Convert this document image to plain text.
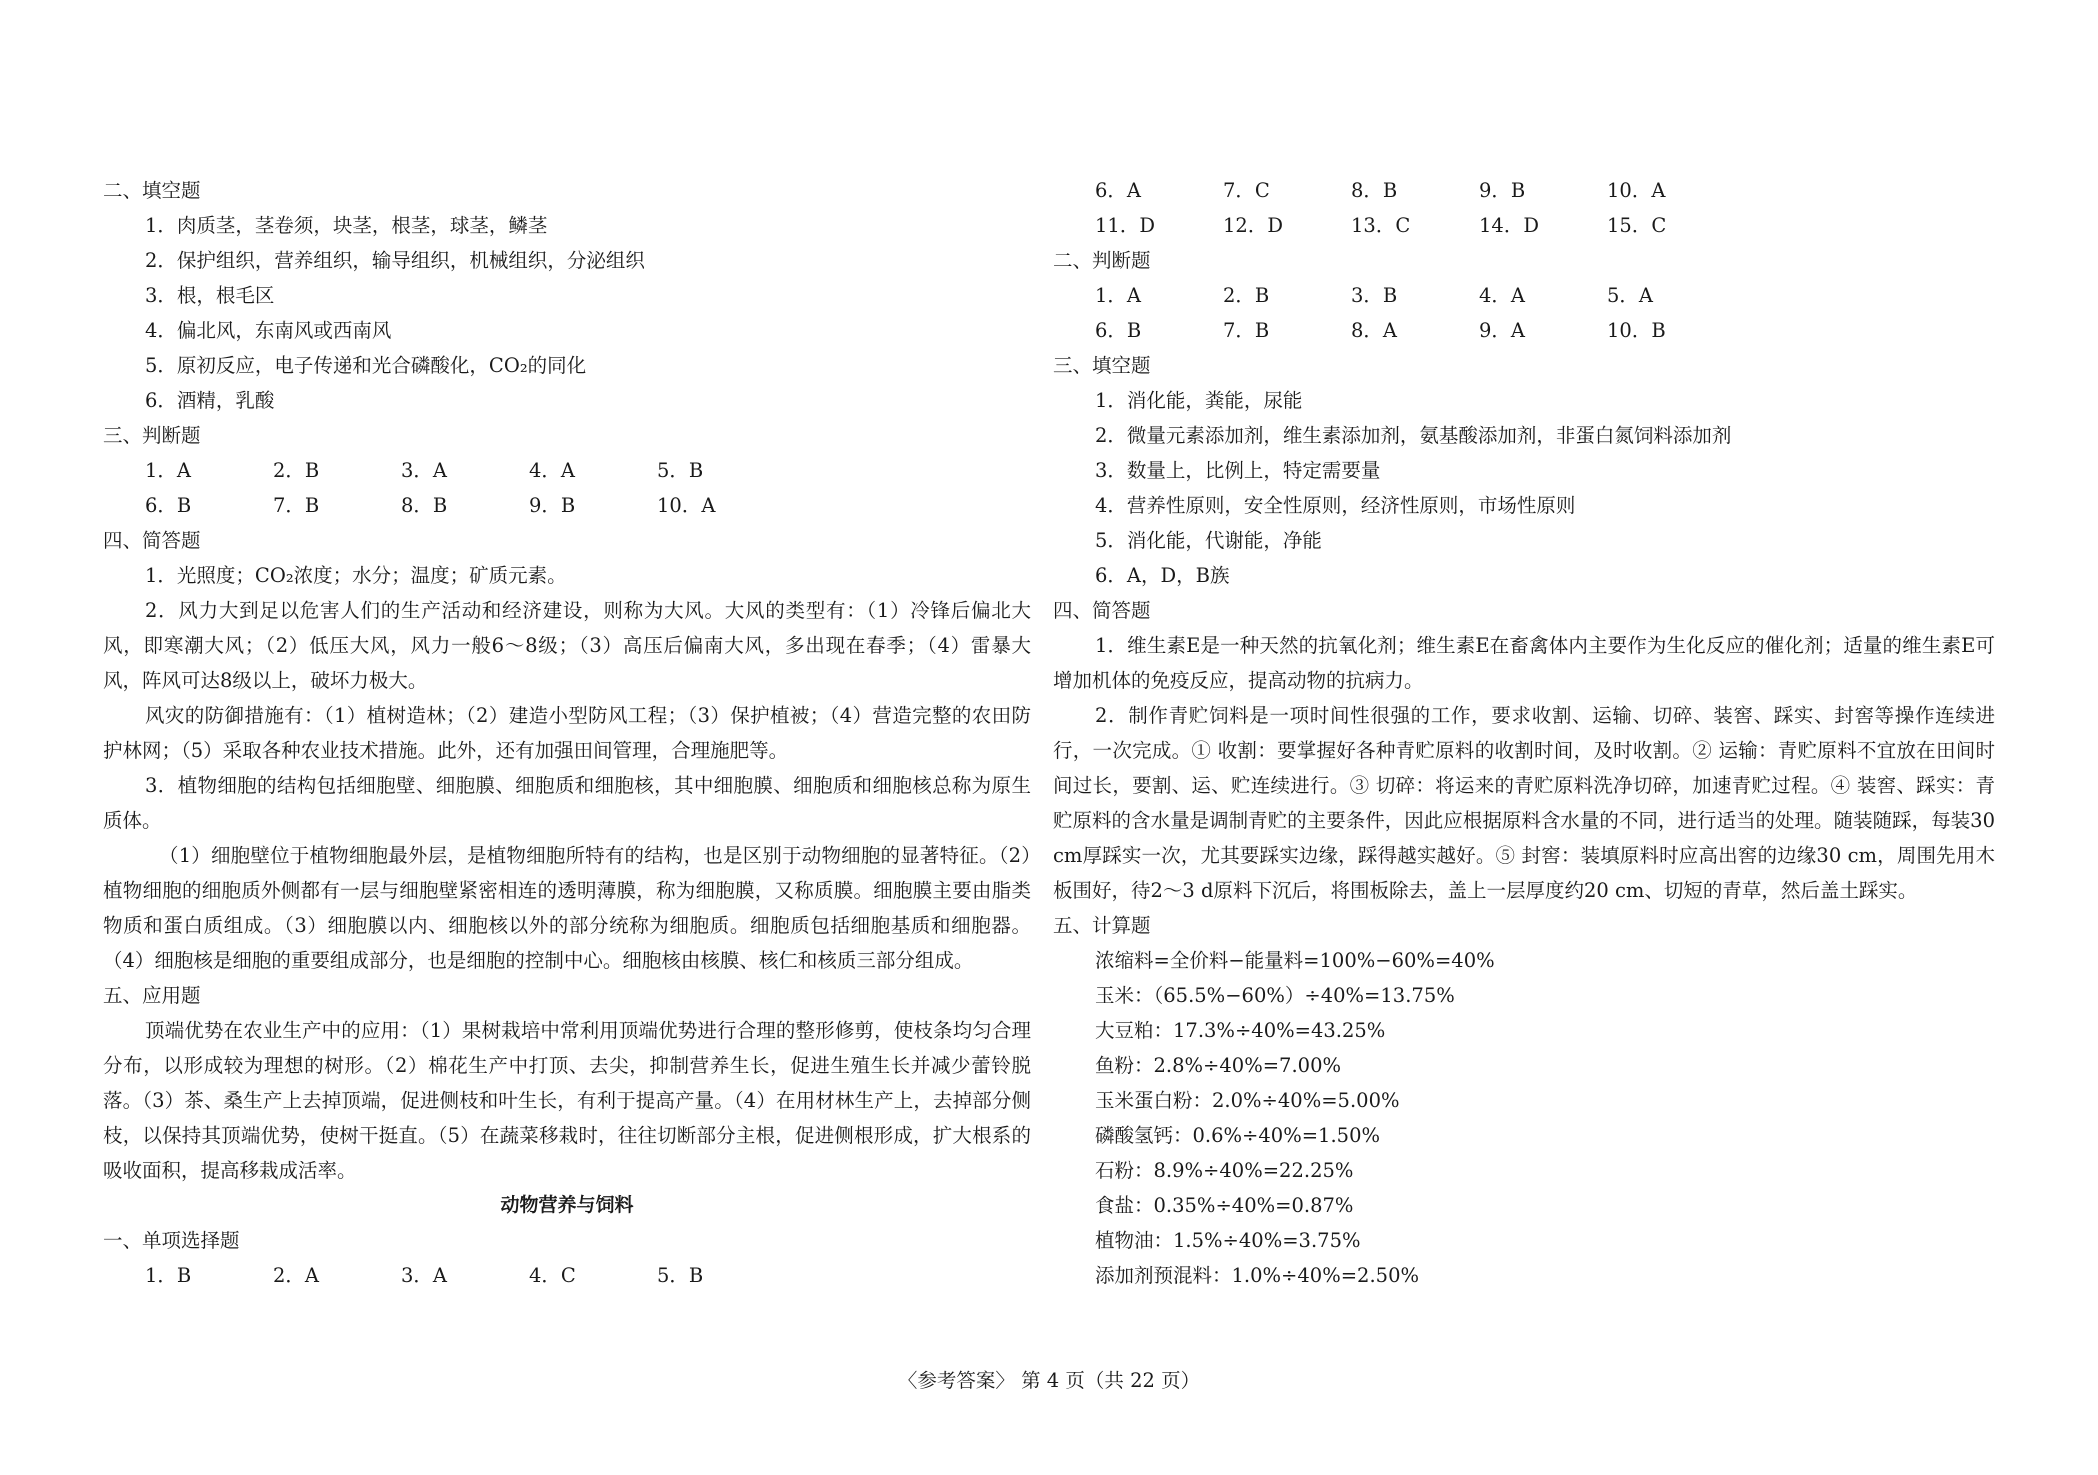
二、填空题
1．肉质茎，茎卷须，块茎，根茎，球茎，鳞茎
2．保护组织，营养组织，输导组织，机械组织，分泌组织
3．根，根毛区
4．偏北风，东南风或西南风
5．原初反应，电子传递和光合磷酸化，CO₂的同化
6．酒精，乳酸
三、判断题
1．A	2．B	3．A	4．A	5．B
6．B	7．B	8．B	9．B	10．A
四、简答题
1．光照度；CO₂浓度；水分；温度；矿质元素。
2．风力大到足以危害人们的生产活动和经济建设，则称为大风。大风的类型有：（1）冷锋后偏北大风，即寒潮大风；（2）低压大风，风力一般6～8级；（3）高压后偏南大风，多出现在春季；（4）雷暴大风，阵风可达8级以上，破坏力极大。
风灾的防御措施有：（1）植树造林；（2）建造小型防风工程；（3）保护植被；（4）营造完整的农田防护林网；（5）采取各种农业技术措施。此外，还有加强田间管理，合理施肥等。
3．植物细胞的结构包括细胞壁、细胞膜、细胞质和细胞核，其中细胞膜、细胞质和细胞核总称为原生质体。
（1）细胞壁位于植物细胞最外层，是植物细胞所特有的结构，也是区别于动物细胞的显著特征。（2）植物细胞的细胞质外侧都有一层与细胞壁紧密相连的透明薄膜，称为细胞膜，又称质膜。细胞膜主要由脂类物质和蛋白质组成。（3）细胞膜以内、细胞核以外的部分统称为细胞质。细胞质包括细胞基质和细胞器。（4）细胞核是细胞的重要组成部分，也是细胞的控制中心。细胞核由核膜、核仁和核质三部分组成。
五、应用题
顶端优势在农业生产中的应用：（1）果树栽培中常利用顶端优势进行合理的整形修剪，使枝条均匀合理分布，以形成较为理想的树形。（2）棉花生产中打顶、去尖，抑制营养生长，促进生殖生长并减少蕾铃脱落。（3）茶、桑生产上去掉顶端，促进侧枝和叶生长，有利于提高产量。（4）在用材林生产上，去掉部分侧枝，以保持其顶端优势，使树干挺直。（5）在蔬菜移栽时，往往切断部分主根，促进侧根形成，扩大根系的吸收面积，提高移栽成活率。
动物营养与饲料
一、单项选择题
1．B	2．A	3．A	4．C	5．B
6．A	7．C	8．B	9．B	10．A
11．D	12．D	13．C	14．D	15．C
二、判断题
1．A	2．B	3．B	4．A	5．A
6．B	7．B	8．A	9．A	10．B
三、填空题
1．消化能，粪能，尿能
2．微量元素添加剂，维生素添加剂，氨基酸添加剂，非蛋白氮饲料添加剂
3．数量上，比例上，特定需要量
4．营养性原则，安全性原则，经济性原则，市场性原则
5．消化能，代谢能，净能
6．A，D，B族
四、简答题
1．维生素E是一种天然的抗氧化剂；维生素E在畜禽体内主要作为生化反应的催化剂；适量的维生素E可增加机体的免疫反应，提高动物的抗病力。
2．制作青贮饲料是一项时间性很强的工作，要求收割、运输、切碎、装窖、踩实、封窖等操作连续进行，一次完成。① 收割：要掌握好各种青贮原料的收割时间，及时收割。② 运输：青贮原料不宜放在田间时间过长，要割、运、贮连续进行。③ 切碎：将运来的青贮原料洗净切碎，加速青贮过程。④ 装窖、踩实：青贮原料的含水量是调制青贮的主要条件，因此应根据原料含水量的不同，进行适当的处理。随装随踩，每装30 cm厚踩实一次，尤其要踩实边缘，踩得越实越好。⑤ 封窖：装填原料时应高出窖的边缘30 cm，周围先用木板围好，待2～3 d原料下沉后，将围板除去，盖上一层厚度约20 cm、切短的青草，然后盖土踩实。
五、计算题
浓缩料=全价料−能量料=100%−60%=40%
玉米：（65.5%−60%）÷40%=13.75%
大豆粕：17.3%÷40%=43.25%
鱼粉：2.8%÷40%=7.00%
玉米蛋白粉：2.0%÷40%=5.00%
磷酸氢钙：0.6%÷40%=1.50%
石粉：8.9%÷40%=22.25%
食盐：0.35%÷40%=0.87%
植物油：1.5%÷40%=3.75%
添加剂预混料：1.0%÷40%=2.50%
〈参考答案〉 第 4 页（共 22 页）
